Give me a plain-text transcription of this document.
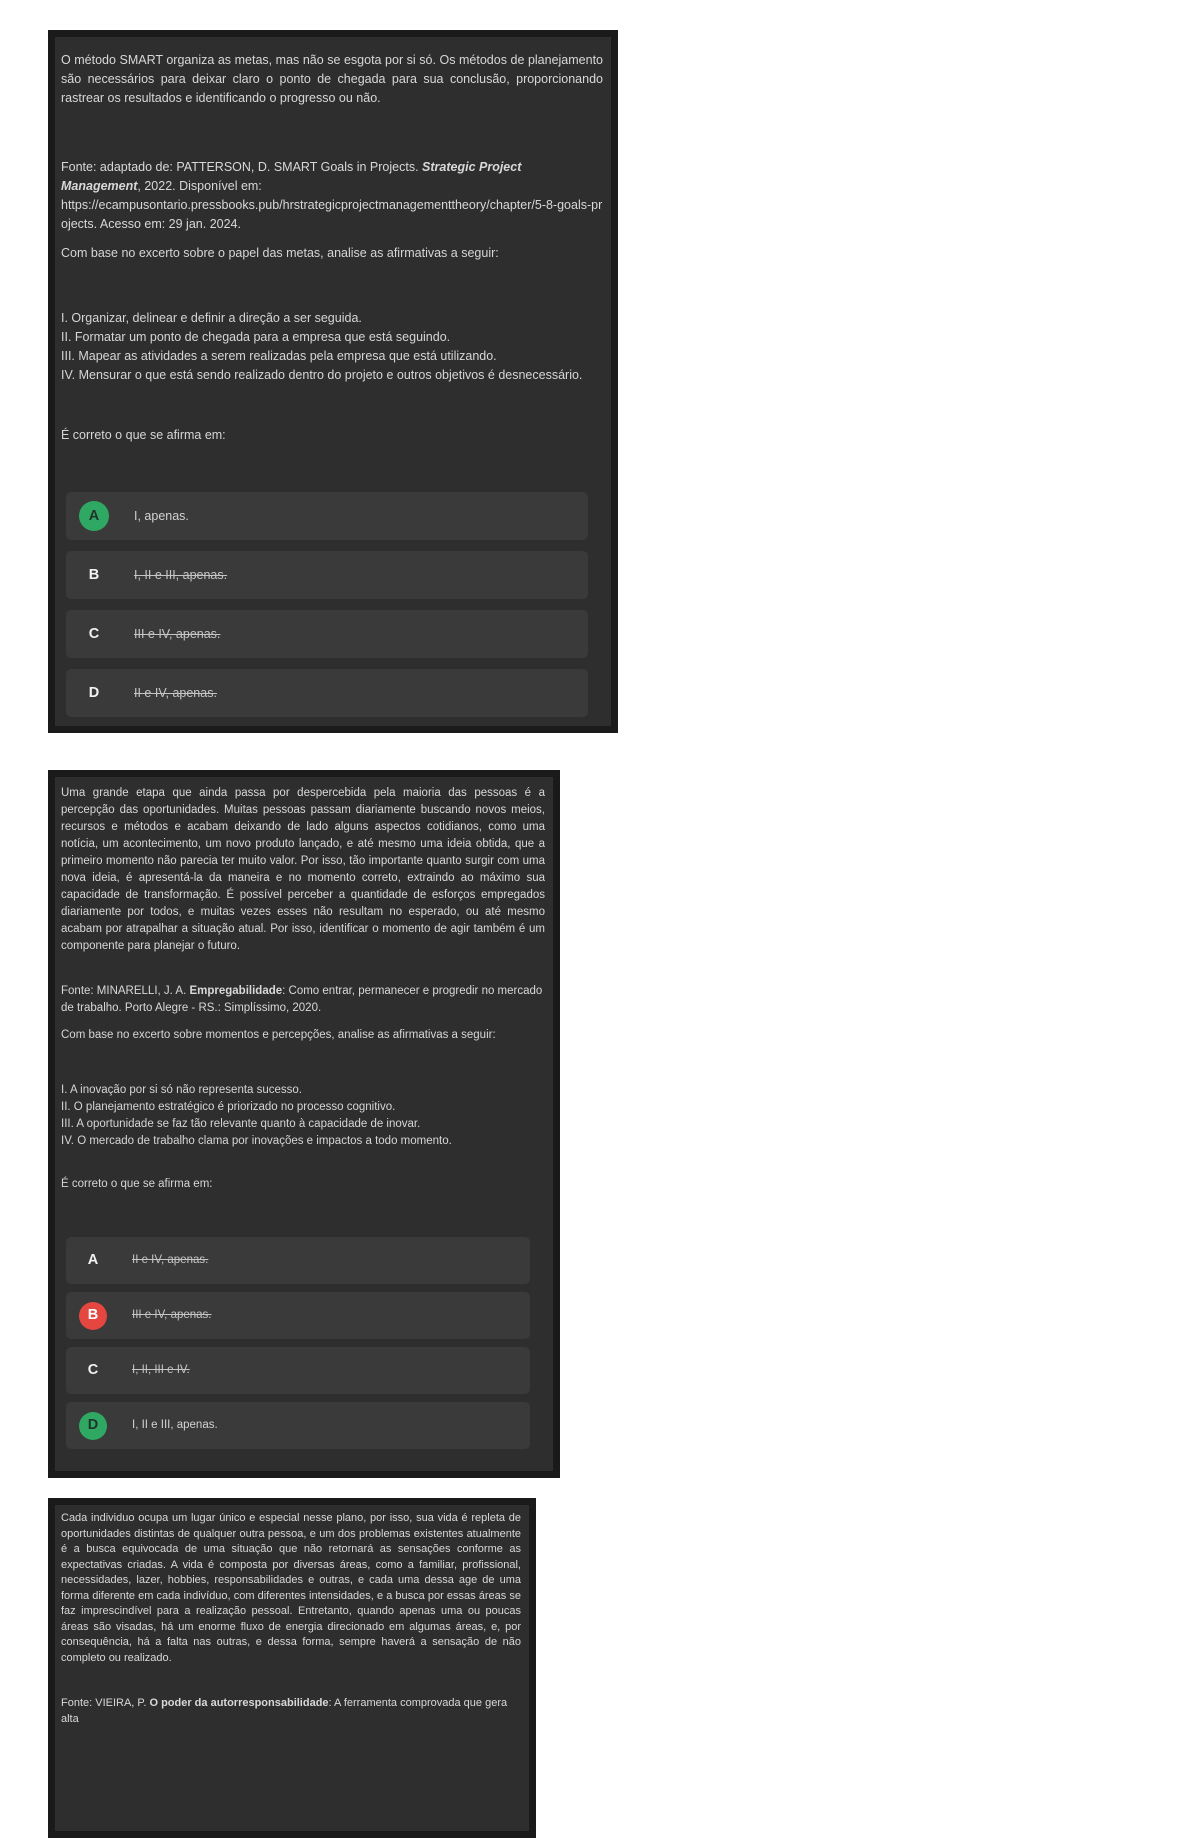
O método SMART organiza as metas, mas não se esgota por si só. Os métodos de planejamento são necessários para deixar claro o ponto de chegada para sua conclusão, proporcionando rastrear os resultados e identificando o progresso ou não.

Fonte: adaptado de: PATTERSON, D. SMART Goals in Projects. Strategic Project Management, 2022. Disponível em:
https://ecampusontario.pressbooks.pub/hrstrategicprojectmanagementtheory/chapter/5-8-goals-projects. Acesso em: 29 jan. 2024.

Com base no excerto sobre o papel das metas, analise as afirmativas a seguir:

I. Organizar, delinear e definir a direção a ser seguida.
II. Formatar um ponto de chegada para a empresa que está seguindo.
III. Mapear as atividades a serem realizadas pela empresa que está utilizando.
IV. Mensurar o que está sendo realizado dentro do projeto e outros objetivos é desnecessário.

É correto o que se afirma em:

A	I, apenas.
B	I, II e III, apenas.
C	III e IV, apenas.
D	II e IV, apenas.

Uma grande etapa que ainda passa por despercebida pela maioria das pessoas é a percepção das oportunidades. Muitas pessoas passam diariamente buscando novos meios, recursos e métodos e acabam deixando de lado alguns aspectos cotidianos, como uma notícia, um acontecimento, um novo produto lançado, e até mesmo uma ideia obtida, que a primeiro momento não parecia ter muito valor. Por isso, tão importante quanto surgir com uma nova ideia, é apresentá-la da maneira e no momento correto, extraindo ao máximo sua capacidade de transformação. É possível perceber a quantidade de esforços empregados diariamente por todos, e muitas vezes esses não resultam no esperado, ou até mesmo acabam por atrapalhar a situação atual. Por isso, identificar o momento de agir também é um componente para planejar o futuro.

Fonte: MINARELLI, J. A. Empregabilidade: Como entrar, permanecer e progredir no mercado de trabalho. Porto Alegre - RS.: Simplíssimo, 2020.

Com base no excerto sobre momentos e percepções, analise as afirmativas a seguir:

I. A inovação por si só não representa sucesso.
II. O planejamento estratégico é priorizado no processo cognitivo.
III. A oportunidade se faz tão relevante quanto à capacidade de inovar.
IV. O mercado de trabalho clama por inovações e impactos a todo momento.

É correto o que se afirma em:

A	II e IV, apenas.
B	III e IV, apenas.
C	I, II, III e IV.
D	I, II e III, apenas.

Cada individuo ocupa um lugar único e especial nesse plano, por isso, sua vida é repleta de oportunidades distintas de qualquer outra pessoa, e um dos problemas existentes atualmente é a busca equivocada de uma situação que não retornará as sensações conforme as expectativas criadas. A vida é composta por diversas áreas, como a familiar, profissional, necessidades, lazer, hobbies, responsabilidades e outras, e cada uma dessa age de uma forma diferente em cada indivíduo, com diferentes intensidades, e a busca por essas áreas se faz imprescindível para a realização pessoal. Entretanto, quando apenas uma ou poucas áreas são visadas, há um enorme fluxo de energia direcionado em algumas áreas, e, por consequência, há a falta nas outras, e dessa forma, sempre haverá a sensação de não completo ou realizado.

Fonte: VIEIRA, P. O poder da autorresponsabilidade: A ferramenta comprovada que gera alta
